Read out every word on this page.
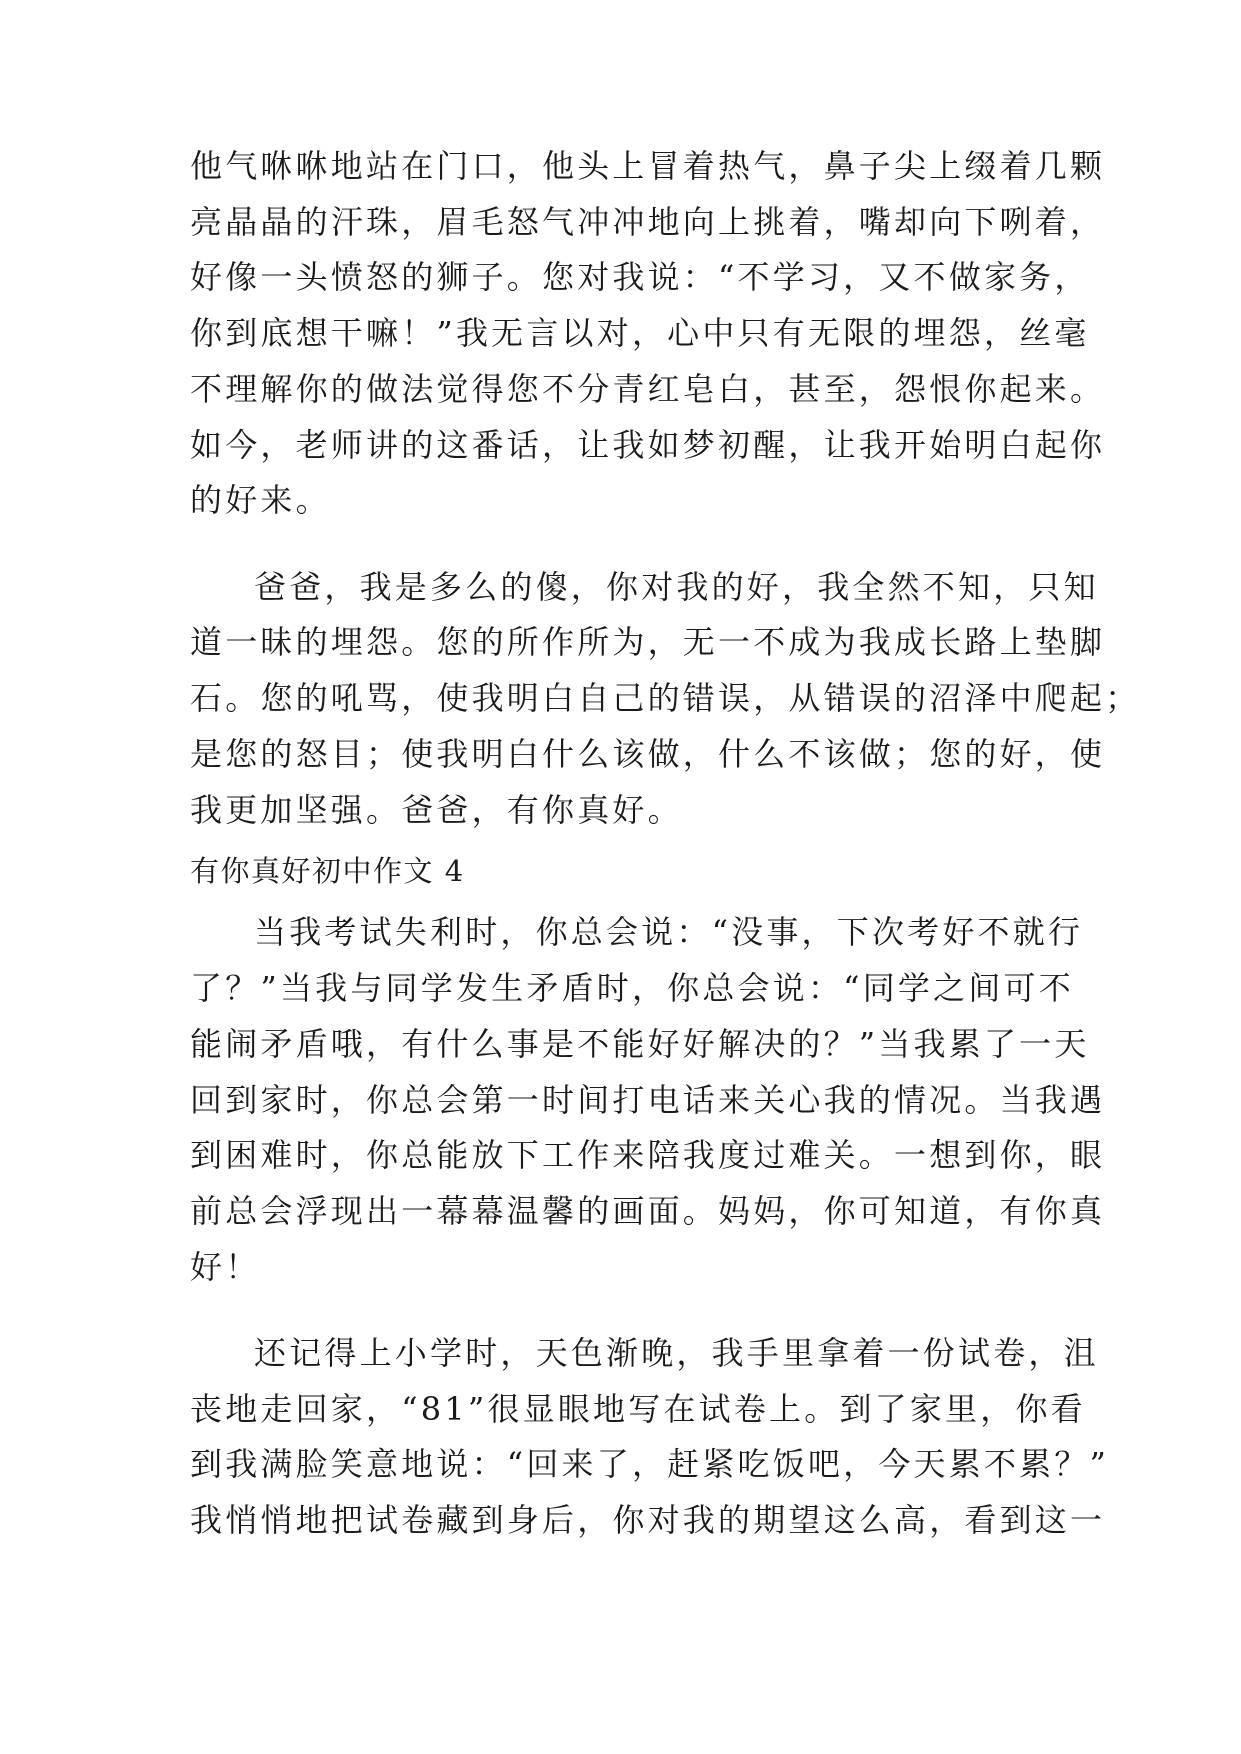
他气咻咻地站在门口，他头上冒着热气，鼻子尖上缀着几颗
亮晶晶的汗珠，眉毛怒气冲冲地向上挑着，嘴却向下咧着，
好像一头愤怒的狮子。您对我说：“不学习，又不做家务，
你到底想干嘛！”我无言以对，心中只有无限的埋怨，丝毫
不理解你的做法觉得您不分青红皂白，甚至，怨恨你起来。
如今，老师讲的这番话，让我如梦初醒，让我开始明白起你
的好来。
爸爸，我是多么的傻，你对我的好，我全然不知，只知
道一昧的埋怨。您的所作所为，无一不成为我成长路上垫脚
石。您的吼骂，使我明白自己的错误，从错误的沼泽中爬起；
是您的怒目；使我明白什么该做，什么不该做；您的好，使
我更加坚强。爸爸，有你真好。
有你真好初中作文 4
当我考试失利时，你总会说：“没事，下次考好不就行
了？”当我与同学发生矛盾时，你总会说：“同学之间可不
能闹矛盾哦，有什么事是不能好好解决的？”当我累了一天
回到家时，你总会第一时间打电话来关心我的情况。当我遇
到困难时，你总能放下工作来陪我度过难关。一想到你，眼
前总会浮现出一幕幕温馨的画面。妈妈，你可知道，有你真
好！
还记得上小学时，天色渐晚，我手里拿着一份试卷，沮
丧地走回家，“81”很显眼地写在试卷上。到了家里，你看
到我满脸笑意地说：“回来了，赶紧吃饭吧，今天累不累？”
我悄悄地把试卷藏到身后，你对我的期望这么高，看到这一
